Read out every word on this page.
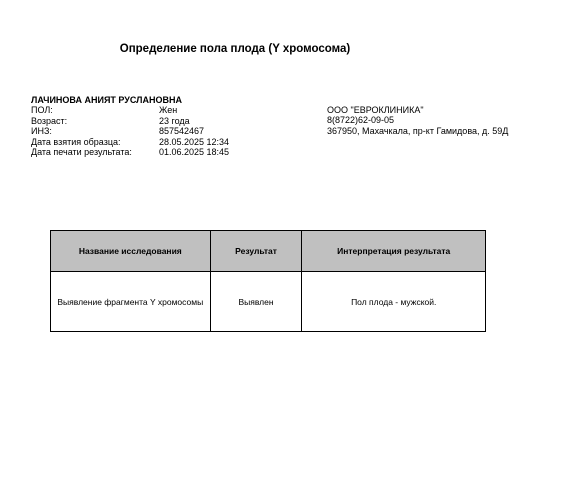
Определение пола плода (Y хромосома)
ЛАЧИНОВА АНИЯТ РУСЛАНОВНА
ПОЛ:	Жен
Возраст:	23 года
ИНЗ:	857542467
Дата взятия образца:	28.05.2025 12:34
Дата печати результата:	01.06.2025 18:45
ООО "ЕВРОКЛИНИКА"
8(8722)62-09-05
367950, Махачкала, пр-кт Гамидова, д. 59Д
Название исследования	Результат	Интерпретация результата
Выявление фрагмента Y хромосомы	Выявлен	Пол плода - мужской.
